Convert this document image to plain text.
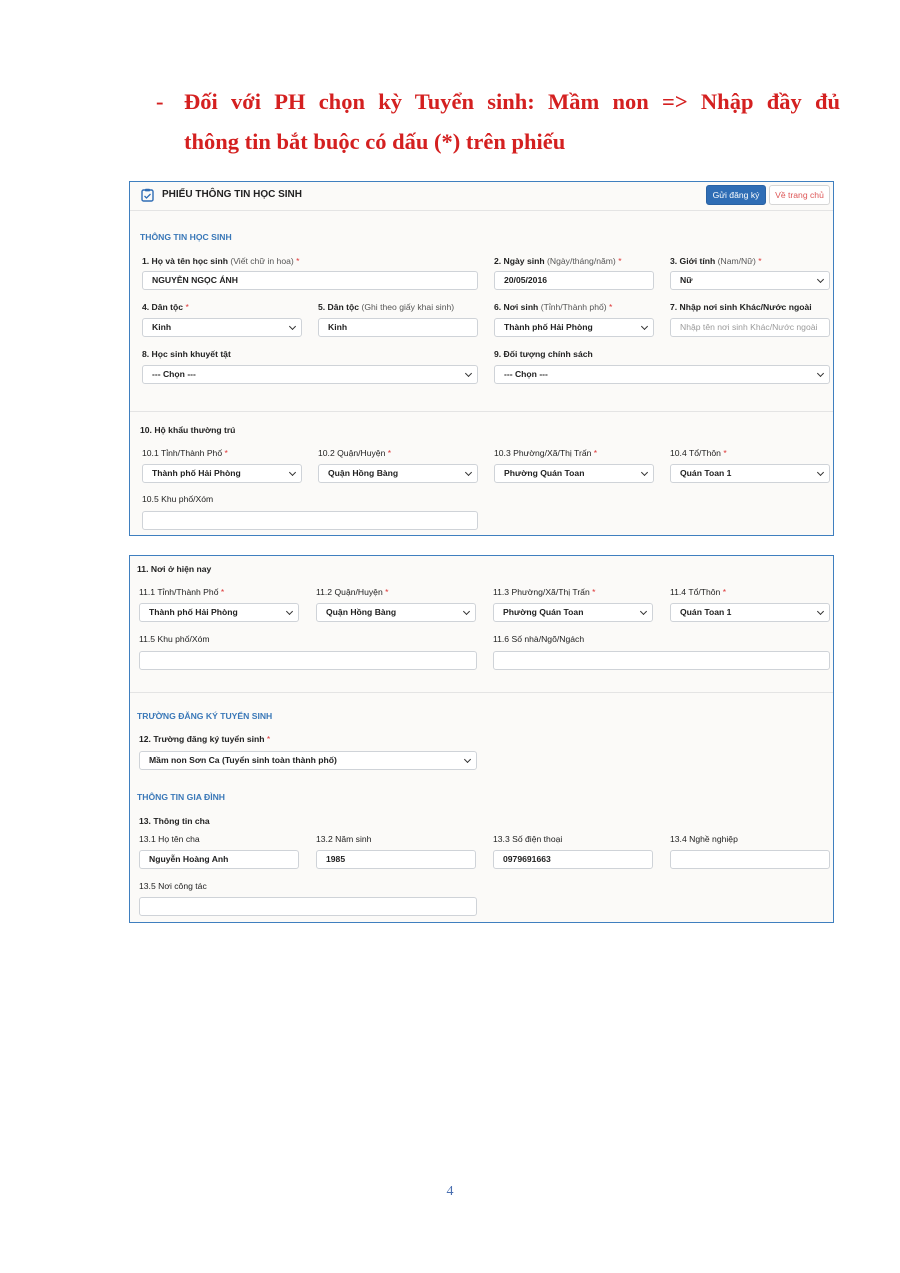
- Đối với PH chọn kỳ Tuyển sinh: Mầm non => Nhập đầy đủ
thông tin bắt buộc có dấu (*) trên phiếu
PHIẾU THÔNG TIN HỌC SINH	Gửi đăng ký	Về trang chủ
THÔNG TIN HỌC SINH
1. Họ và tên học sinh (Viết chữ in hoa) *
NGUYỄN NGỌC ÁNH
2. Ngày sinh (Ngày/tháng/năm) *
20/05/2016
3. Giới tính (Nam/Nữ) *
Nữ
4. Dân tộc *
Kinh
5. Dân tộc (Ghi theo giấy khai sinh)
Kinh
6. Nơi sinh (Tỉnh/Thành phố) *
Thành phố Hải Phòng
7. Nhập nơi sinh Khác/Nước ngoài
Nhập tên nơi sinh Khác/Nước ngoài
8. Học sinh khuyết tật
--- Chọn ---
9. Đối tượng chính sách
--- Chọn ---
10. Hộ khẩu thường trú
10.1 Tỉnh/Thành Phố *
Thành phố Hải Phòng
10.2 Quận/Huyện *
Quận Hồng Bàng
10.3 Phường/Xã/Thị Trấn *
Phường Quán Toan
10.4 Tổ/Thôn *
Quán Toan 1
10.5 Khu phố/Xóm
11. Nơi ở hiện nay
11.1 Tỉnh/Thành Phố *
Thành phố Hải Phòng
11.2 Quận/Huyện *
Quận Hồng Bàng
11.3 Phường/Xã/Thị Trấn *
Phường Quán Toan
11.4 Tổ/Thôn *
Quán Toan 1
11.5 Khu phố/Xóm	11.6 Số nhà/Ngõ/Ngách
TRƯỜNG ĐĂNG KÝ TUYỂN SINH
12. Trường đăng ký tuyển sinh *
Mầm non Sơn Ca (Tuyển sinh toàn thành phố)
THÔNG TIN GIA ĐÌNH
13. Thông tin cha
13.1 Họ tên cha
Nguyễn Hoàng Anh
13.2 Năm sinh
1985
13.3 Số điện thoại
0979691663
13.4 Nghề nghiệp
13.5 Nơi công tác
4
